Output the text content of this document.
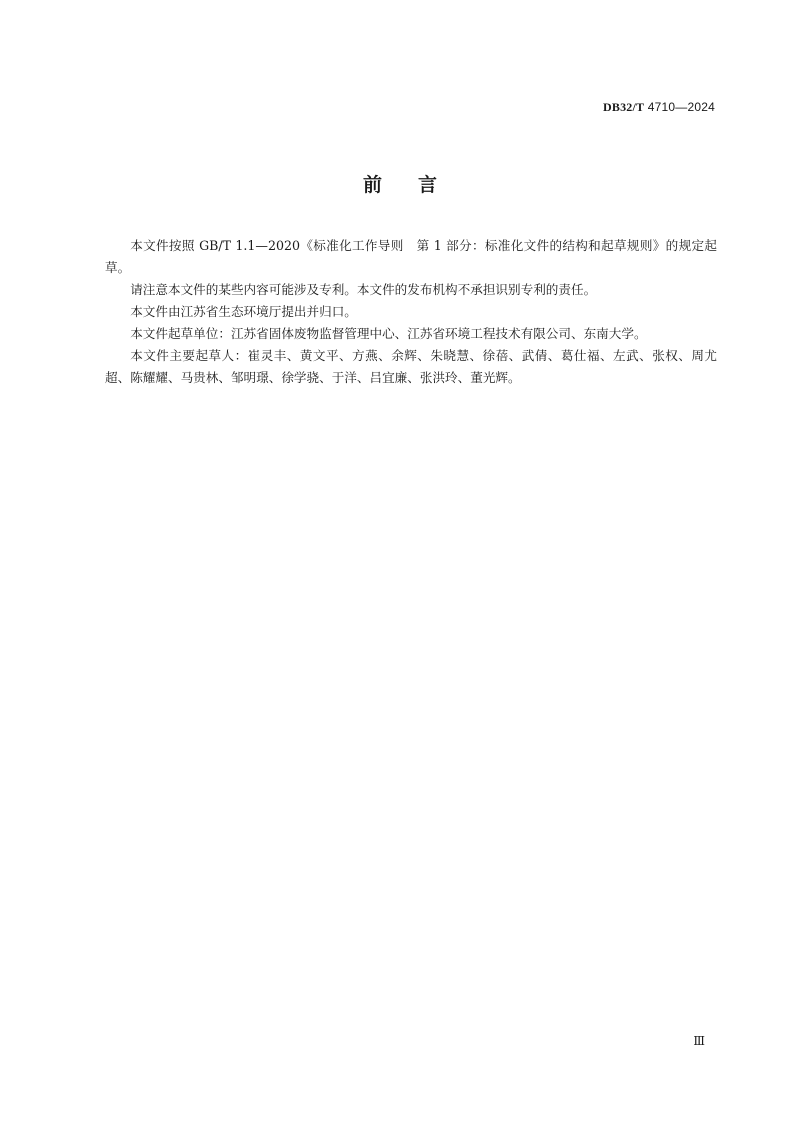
DB32/T 4710—2024
前言

本文件按照 GB/T 1.1—2020《标准化工作导则　第 1 部分：标准化文件的结构和起草规则》的规定起草。

请注意本文件的某些内容可能涉及专利。本文件的发布机构不承担识别专利的责任。

本文件由江苏省生态环境厅提出并归口。

本文件起草单位：江苏省固体废物监督管理中心、江苏省环境工程技术有限公司、东南大学。

本文件主要起草人：崔灵丰、黄文平、方燕、余辉、朱晓慧、徐蓓、武倩、葛仕福、左武、张权、周尤超、陈耀耀、马贵林、邹明璟、徐学骁、于洋、吕宜廉、张洪玲、董光辉。

Ⅲ
